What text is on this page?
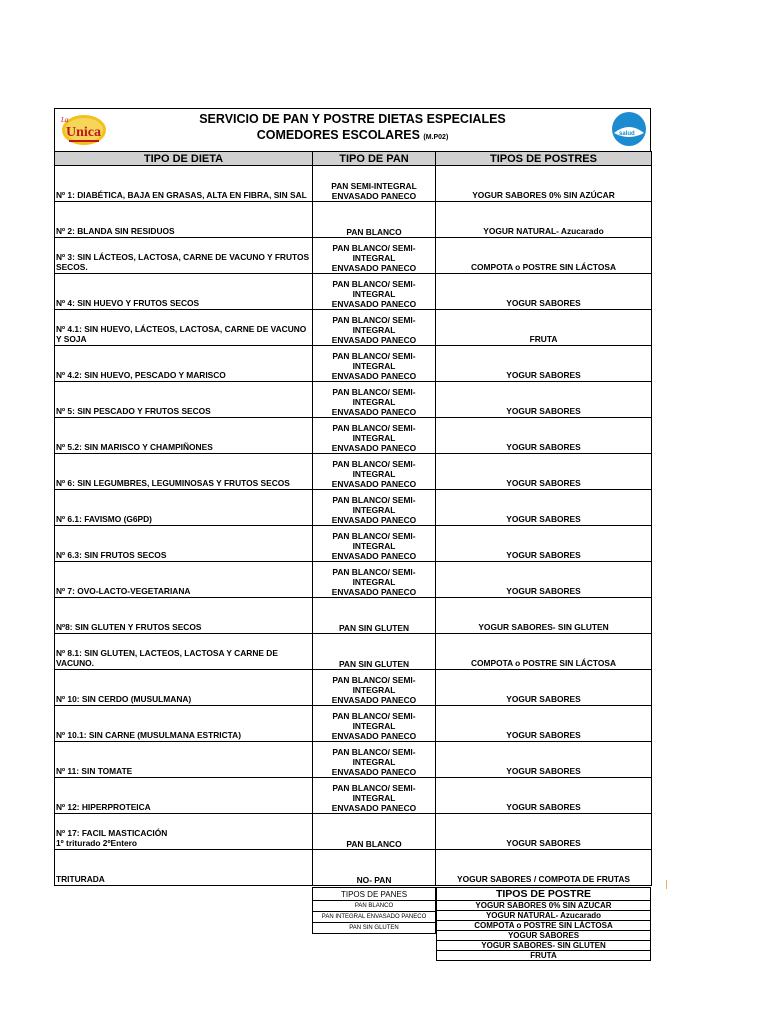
La
Unica
SERVICIO DE PAN Y POSTRE DIETAS ESPECIALES
COMEDORES ESCOLARES (M.P02)	salud
TIPO DE DIETA	TIPO DE PAN	TIPOS DE POSTRES
Nº 1: DIABÉTICA, BAJA EN GRASAS, ALTA EN FIBRA, SIN SAL	PAN SEMI-INTEGRAL
ENVASADO PANECO	YOGUR SABORES 0% SIN AZÚCAR
Nº 2: BLANDA SIN RESIDUOS	PAN BLANCO	YOGUR NATURAL- Azucarado
Nº 3: SIN LÁCTEOS, LACTOSA, CARNE DE VACUNO Y FRUTOS SECOS.	PAN BLANCO/ SEMI-INTEGRAL
ENVASADO PANECO	COMPOTA o POSTRE SIN LÁCTOSA
Nº 4: SIN HUEVO Y FRUTOS SECOS	PAN BLANCO/ SEMI-INTEGRAL
ENVASADO PANECO	YOGUR SABORES
Nº 4.1: SIN HUEVO, LÁCTEOS, LACTOSA, CARNE DE VACUNO Y SOJA	PAN BLANCO/ SEMI-INTEGRAL
ENVASADO PANECO	FRUTA
Nº 4.2: SIN HUEVO, PESCADO Y MARISCO	PAN BLANCO/ SEMI-INTEGRAL
ENVASADO PANECO	YOGUR SABORES
Nº 5: SIN PESCADO Y FRUTOS SECOS	PAN BLANCO/ SEMI-INTEGRAL
ENVASADO PANECO	YOGUR SABORES
Nº 5.2: SIN MARISCO Y CHAMPIÑONES	PAN BLANCO/ SEMI-INTEGRAL
ENVASADO PANECO	YOGUR SABORES
Nº 6: SIN LEGUMBRES, LEGUMINOSAS Y FRUTOS SECOS	PAN BLANCO/ SEMI-INTEGRAL
ENVASADO PANECO	YOGUR SABORES
Nº 6.1: FAVISMO (G6PD)	PAN BLANCO/ SEMI-INTEGRAL
ENVASADO PANECO	YOGUR SABORES
Nº 6.3: SIN FRUTOS SECOS	PAN BLANCO/ SEMI-INTEGRAL
ENVASADO PANECO	YOGUR SABORES
Nº 7: OVO-LACTO-VEGETARIANA	PAN BLANCO/ SEMI-INTEGRAL
ENVASADO PANECO	YOGUR SABORES
Nº8: SIN GLUTEN Y FRUTOS SECOS	PAN SIN GLUTEN	YOGUR SABORES- SIN GLUTEN
Nº 8.1: SIN GLUTEN, LACTEOS, LACTOSA Y CARNE DE VACUNO.	PAN SIN GLUTEN	COMPOTA o POSTRE SIN LÁCTOSA
Nº 10: SIN CERDO (MUSULMANA)	PAN BLANCO/ SEMI-INTEGRAL
ENVASADO PANECO	YOGUR SABORES
Nº 10.1: SIN CARNE (MUSULMANA ESTRICTA)	PAN BLANCO/ SEMI-INTEGRAL
ENVASADO PANECO	YOGUR SABORES
Nº 11: SIN TOMATE	PAN BLANCO/ SEMI-INTEGRAL
ENVASADO PANECO	YOGUR SABORES
Nº 12: HIPERPROTEICA	PAN BLANCO/ SEMI-INTEGRAL
ENVASADO PANECO	YOGUR SABORES
Nº 17: FACIL MASTICACIÓN
1º triturado 2ºEntero	PAN BLANCO	YOGUR SABORES
TRITURADA	NO- PAN	YOGUR SABORES / COMPOTA DE FRUTAS
TIPOS DE PANES
PAN BLANCO
PAN INTEGRAL ENVASADO PANECO
PAN SIN GLUTEN
TIPOS DE POSTRE
YOGUR SABORES 0% SIN AZUCAR
YOGUR NATURAL- Azucarado
COMPOTA o POSTRE SIN LÁCTOSA
YOGUR SABORES
YOGUR SABORES- SIN GLUTEN
FRUTA
